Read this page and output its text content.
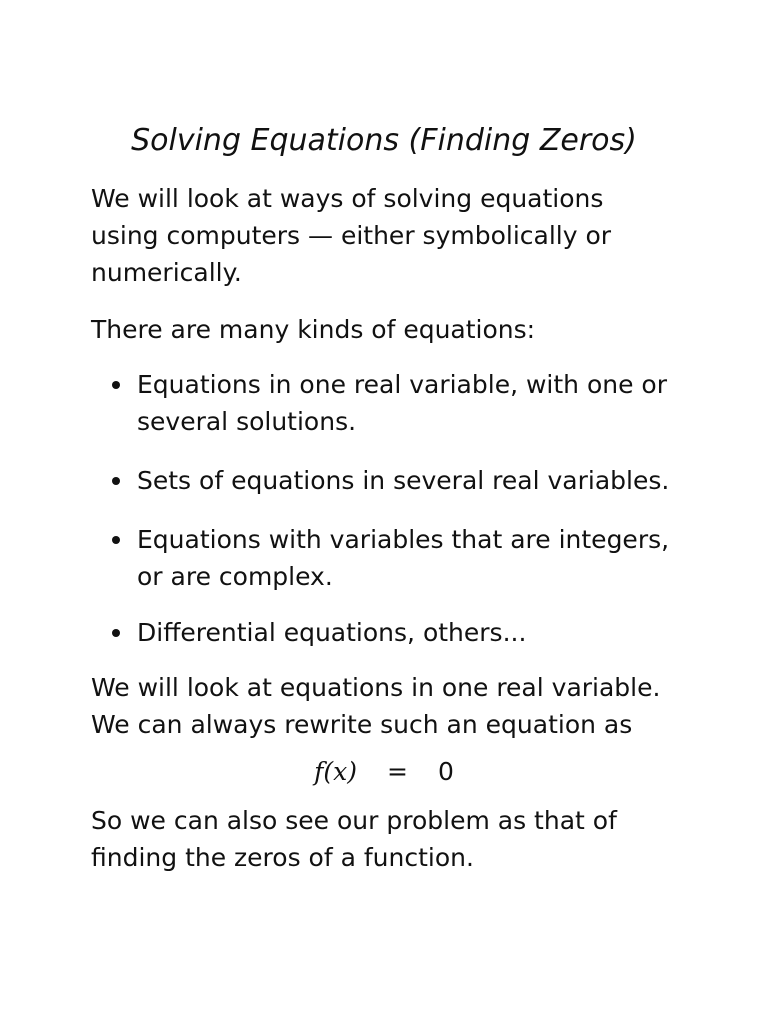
Solving Equations (Finding Zeros)

We will look at ways of solving equations
using computers — either symbolically or
numerically.

There are many kinds of equations:

Equations in one real variable, with one or
several solutions.
Sets of equations in several real variables.
Equations with variables that are integers,
or are complex.
Differential equations, others...

We will look at equations in one real variable.
We can always rewrite such an equation as

f(x) = 0

So we can also see our problem as that of
finding the zeros of a function.
